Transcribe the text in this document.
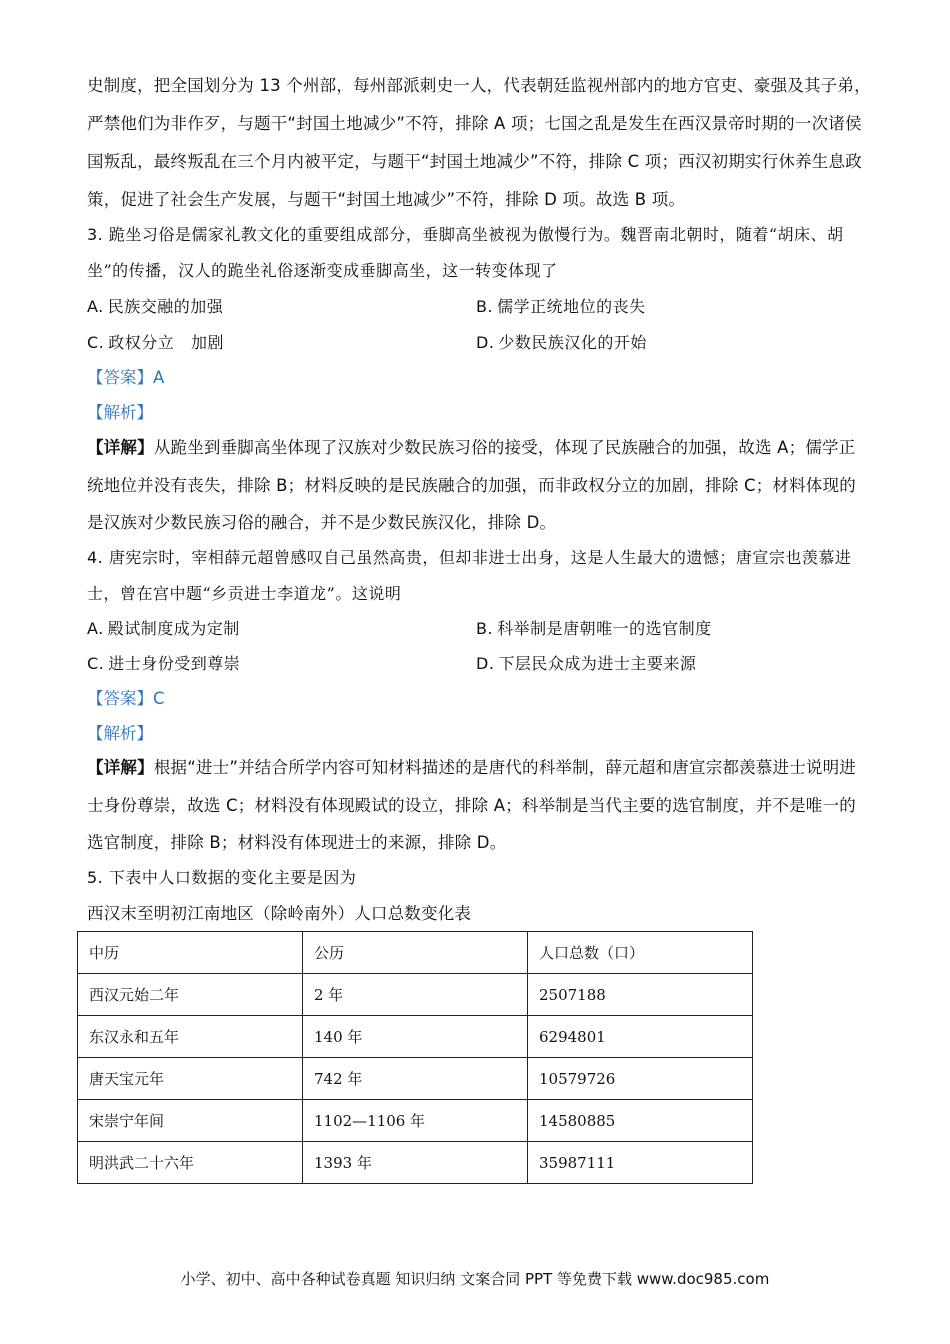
史制度，把全国划分为 13 个州部，每州部派刺史一人，代表朝廷监视州部内的地方官吏、豪强及其子弟，
严禁他们为非作歹，与题干“封国土地减少”不符，排除 A 项；七国之乱是发生在西汉景帝时期的一次诸侯
国叛乱，最终叛乱在三个月内被平定，与题干“封国土地减少”不符，排除 C 项；西汉初期实行休养生息政
策，促进了社会生产发展，与题干“封国土地减少”不符，排除 D 项。故选 B 项。
3. 跪坐习俗是儒家礼教文化的重要组成部分，垂脚高坐被视为傲慢行为。魏晋南北朝时，随着“胡床、胡
坐”的传播，汉人的跪坐礼俗逐渐变成垂脚高坐，这一转变体现了
A. 民族交融的加强	B. 儒学正统地位的丧失
C. 政权分立   加剧	D. 少数民族汉化的开始
【答案】A
【解析】
【详解】从跪坐到垂脚高坐体现了汉族对少数民族习俗的接受，体现了民族融合的加强，故选 A；儒学正
统地位并没有丧失，排除 B；材料反映的是民族融合的加强，而非政权分立的加剧，排除 C；材料体现的
是汉族对少数民族习俗的融合，并不是少数民族汉化，排除 D。
4. 唐宪宗时，宰相薛元超曾感叹自己虽然高贵，但却非进士出身，这是人生最大的遗憾；唐宣宗也羡慕进
士，曾在宫中题“乡贡进士李道龙”。这说明
A. 殿试制度成为定制	B. 科举制是唐朝唯一的选官制度
C. 进士身份受到尊崇	D. 下层民众成为进士主要来源
【答案】C
【解析】
【详解】根据“进士”并结合所学内容可知材料描述的是唐代的科举制，薛元超和唐宣宗都羡慕进士说明进
士身份尊崇，故选 C；材料没有体现殿试的设立，排除 A；科举制是当代主要的选官制度，并不是唯一的
选官制度，排除 B；材料没有体现进士的来源，排除 D。
5. 下表中人口数据的变化主要是因为
西汉末至明初江南地区（除岭南外）人口总数变化表
中历	公历	人口总数（口）
西汉元始二年	2 年	2507188
东汉永和五年	140 年	6294801
唐天宝元年	742 年	10579726
宋崇宁年间	1102—1106 年	14580885
明洪武二十六年	1393 年	35987111
小学、初中、高中各种试卷真题 知识归纳 文案合同 PPT 等免费下载 www.doc985.com
